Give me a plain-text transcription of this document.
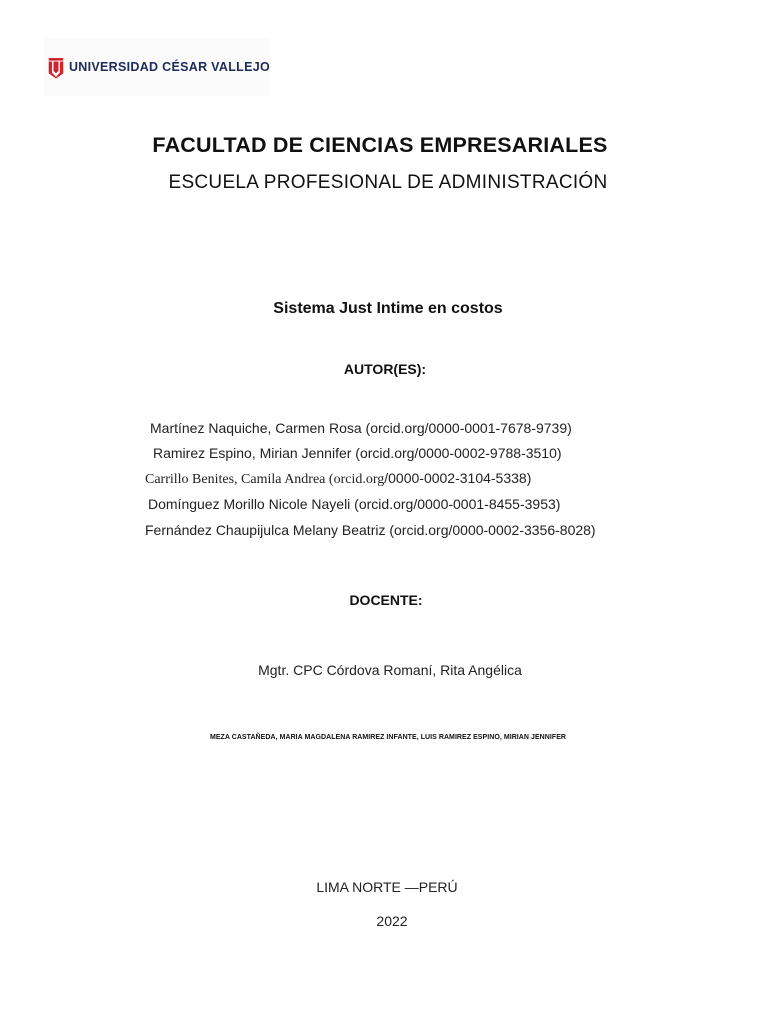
UNIVERSIDAD CÉSAR VALLEJO
FACULTAD DE CIENCIAS EMPRESARIALES
ESCUELA PROFESIONAL DE ADMINISTRACIÓN
Sistema Just Intime en costos
AUTOR(ES):
Martínez Naquiche, Carmen Rosa (orcid.org/0000-0001-7678-9739)
Ramirez Espino, Mirian Jennifer (orcid.org/0000-0002-9788-3510)
Carrillo Benites, Camila Andrea (orcid.org/0000-0002-3104-5338)
Domínguez Morillo Nicole Nayeli (orcid.org/0000-0001-8455-3953)
Fernández Chaupijulca Melany Beatriz (orcid.org/0000-0002-3356-8028)
DOCENTE:
Mgtr. CPC Córdova Romaní, Rita Angélica
MEZA CASTAÑEDA, MARIA MAGDALENA RAMIREZ INFANTE, LUIS RAMIREZ ESPINO, MIRIAN JENNIFER
LIMA NORTE —PERÚ
2022
